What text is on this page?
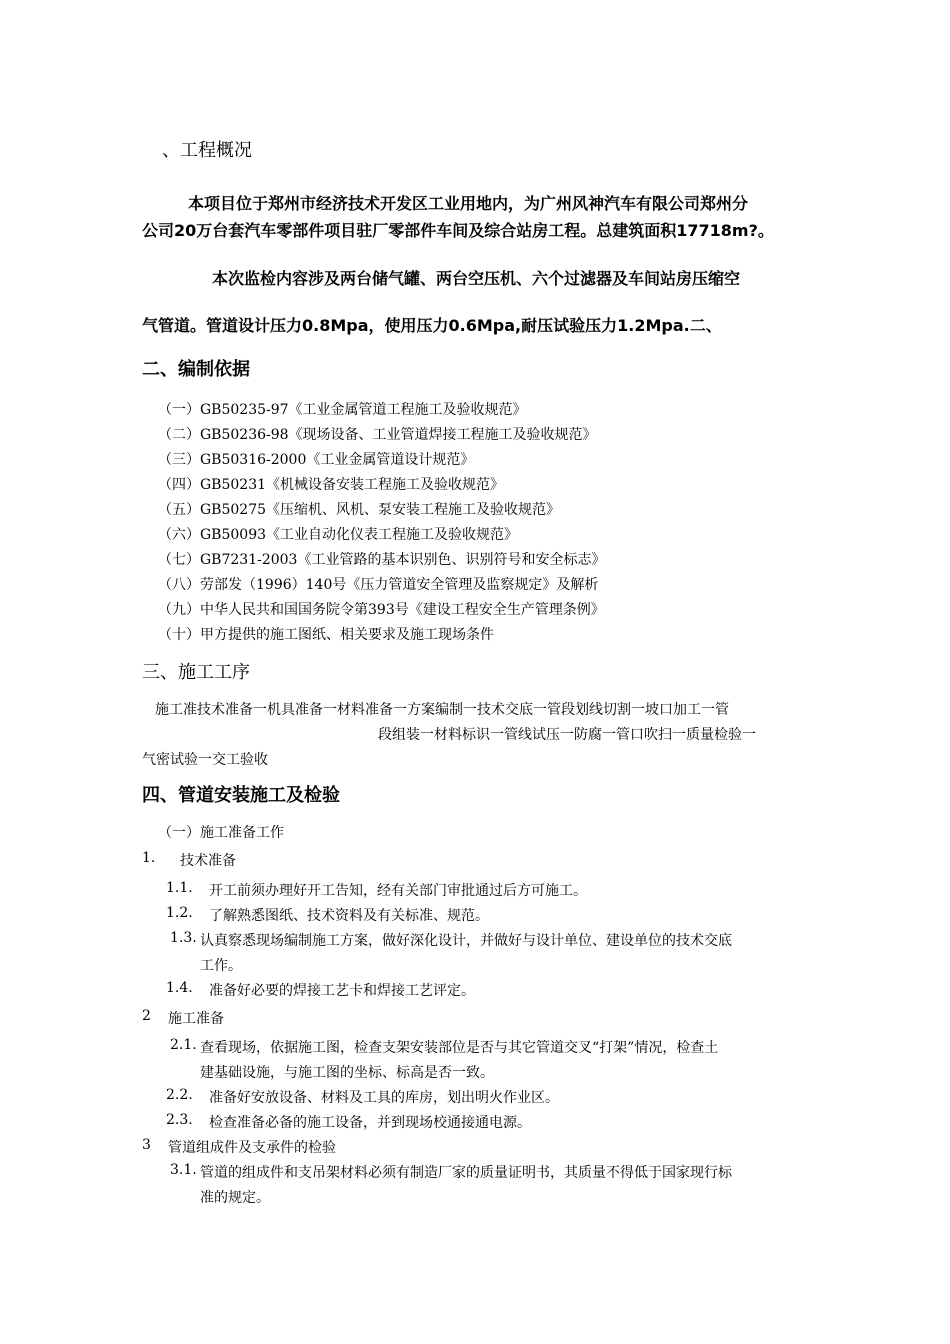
、工程概况
本项目位于郑州市经济技术开发区工业用地内，为广州风神汽车有限公司郑州分
公司20万台套汽车零部件项目驻厂零部件车间及综合站房工程。总建筑面积17718m?。
本次监检内容涉及两台储气罐、两台空压机、六个过滤器及车间站房压缩空
气管道。管道设计压力0.8Mpa，使用压力0.6Mpa,耐压试验压力1.2Mpa.二、
二、编制依据
（一）GB50235-97《工业金属管道工程施工及验收规范》
（二）GB50236-98《现场设备、工业管道焊接工程施工及验收规范》
（三）GB50316-2000《工业金属管道设计规范》
（四）GB50231《机械设备安装工程施工及验收规范》
（五）GB50275《压缩机、风机、泵安装工程施工及验收规范》
（六）GB50093《工业自动化仪表工程施工及验收规范》
（七）GB7231-2003《工业管路的基本识别色、识别符号和安全标志》
（八）劳部发（1996）140号《压力管道安全管理及监察规定》及解析
（九）中华人民共和国国务院令第393号《建设工程安全生产管理条例》
（十）甲方提供的施工图纸、相关要求及施工现场条件
三、施工工序
施工准技术准备一机具准备一材料准备一方案编制一技术交底一管段划线切割一坡口加工一管
段组装一材料标识一管线试压一防腐一管口吹扫一质量检验一
气密试验一交工验收
四、管道安装施工及检验
（一）施工准备工作
1. 技术准备
1.1. 开工前须办理好开工告知，经有关部门审批通过后方可施工。
1.2. 了解熟悉图纸、技术资料及有关标准、规范。
1.3. 认真察悉现场编制施工方案，做好深化设计，并做好与设计单位、建设单位的技术交底
工作。
1.4. 准备好必要的焊接工艺卡和焊接工艺评定。
2 施工准备
2.1. 查看现场，依据施工图，检查支架安装部位是否与其它管道交叉“打架”情况，检查土
建基础设施，与施工图的坐标、标高是否一致。
2.2. 准备好安放设备、材料及工具的库房，划出明火作业区。
2.3. 检查准备必备的施工设备，并到现场校通接通电源。
3 管道组成件及支承件的检验
3.1. 管道的组成件和支吊架材料必须有制造厂家的质量证明书，其质量不得低于国家现行标
准的规定。
